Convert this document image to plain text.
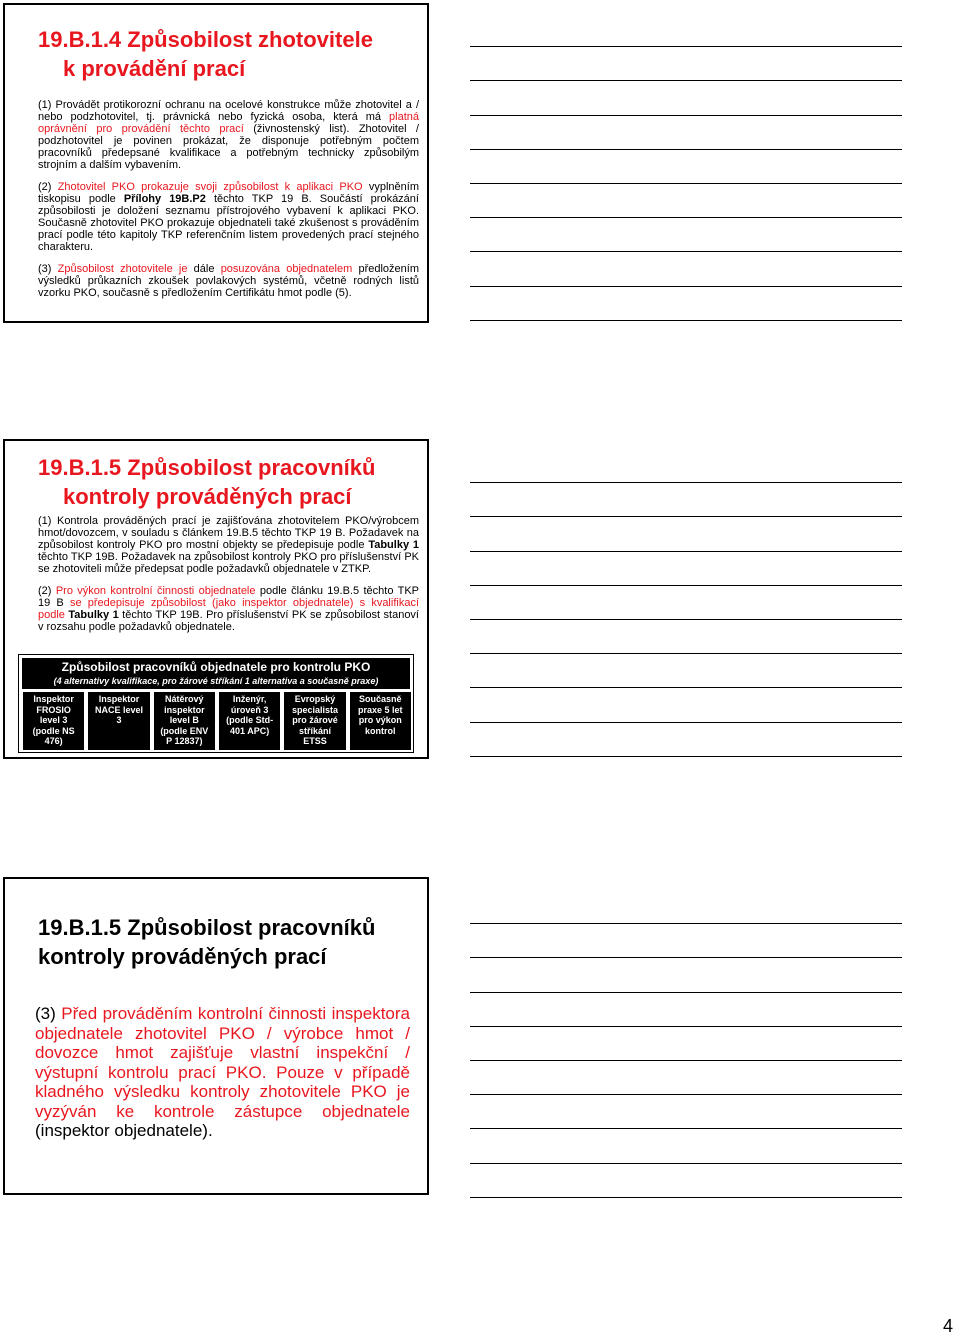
19.B.1.4 Způsobilost zhotovitele
k provádění prací

(1) Provádět protikorozní ochranu na ocelové konstrukce může zhotovitel a / nebo podzhotovitel, tj. právnická nebo fyzická osoba, která má platná oprávnění pro provádění těchto prací (živnostenský list). Zhotovitel / podzhotovitel je povinen prokázat, že disponuje potřebným počtem pracovníků předepsané kvalifikace a potřebným technicky způsobilým strojním a dalším vybavením.

(2) Zhotovitel PKO prokazuje svoji způsobilost k aplikaci PKO vyplněním tiskopisu podle Přílohy 19B.P2 těchto TKP 19 B. Součástí prokázání způsobilosti je doložení seznamu přístrojového vybavení k aplikaci PKO. Současně zhotovitel PKO prokazuje objednateli také zkušenost s prováděním prací podle této kapitoly TKP referenčním listem provedených prací stejného charakteru.

(3) Způsobilost zhotovitele je dále posuzována objednatelem předložením výsledků průkazních zkoušek povlakových systémů, včetně rodných listů vzorku PKO, současně s předložením Certifikátu hmot podle (5).

19.B.1.5 Způsobilost pracovníků
kontroly prováděných prací

(1) Kontrola prováděných prací je zajišťována zhotovitelem PKO/výrobcem hmot/dovozcem, v souladu s článkem 19.B.5 těchto TKP 19 B. Požadavek na způsobilost kontroly PKO pro mostní objekty se předepisuje podle Tabulky 1 těchto TKP 19B. Požadavek na způsobilost kontroly PKO pro příslušenství PK se zhotoviteli může předepsat podle požadavků objednatele v ZTKP.

(2) Pro výkon kontrolní činnosti objednatele podle článku 19.B.5 těchto TKP 19 B se předepisuje způsobilost (jako inspektor objednatele) s kvalifikací podle Tabulky 1 těchto TKP 19B. Pro příslušenství PK se způsobilost stanoví v rozsahu podle požadavků objednatele.

Způsobilost pracovníků objednatele pro kontrolu PKO
(4 alternativy kvalifikace, pro žárové stříkání 1 alternativa a současně praxe)
Inspektor
FROSIO
level 3
(podle NS
476)
Inspektor
NACE level
3
Nátěrový
inspektor
level B
(podle ENV
P 12837)
Inženýr,
úroveň 3
(podle Std-
401 APC)
Evropský
specialista
pro žárové
stříkání
ETSS
Současně
praxe 5 let
pro výkon
kontrol
19.B.1.5 Způsobilost pracovníků
kontroly prováděných prací

(3) Před prováděním kontrolní činnosti inspektora objednatele zhotovitel PKO / výrobce hmot / dovozce hmot zajišťuje vlastní inspekční / výstupní kontrolu prací PKO. Pouze v případě kladného výsledku kontroly zhotovitele PKO je vyzýván ke kontrole zástupce objednatele (inspektor objednatele).

4
